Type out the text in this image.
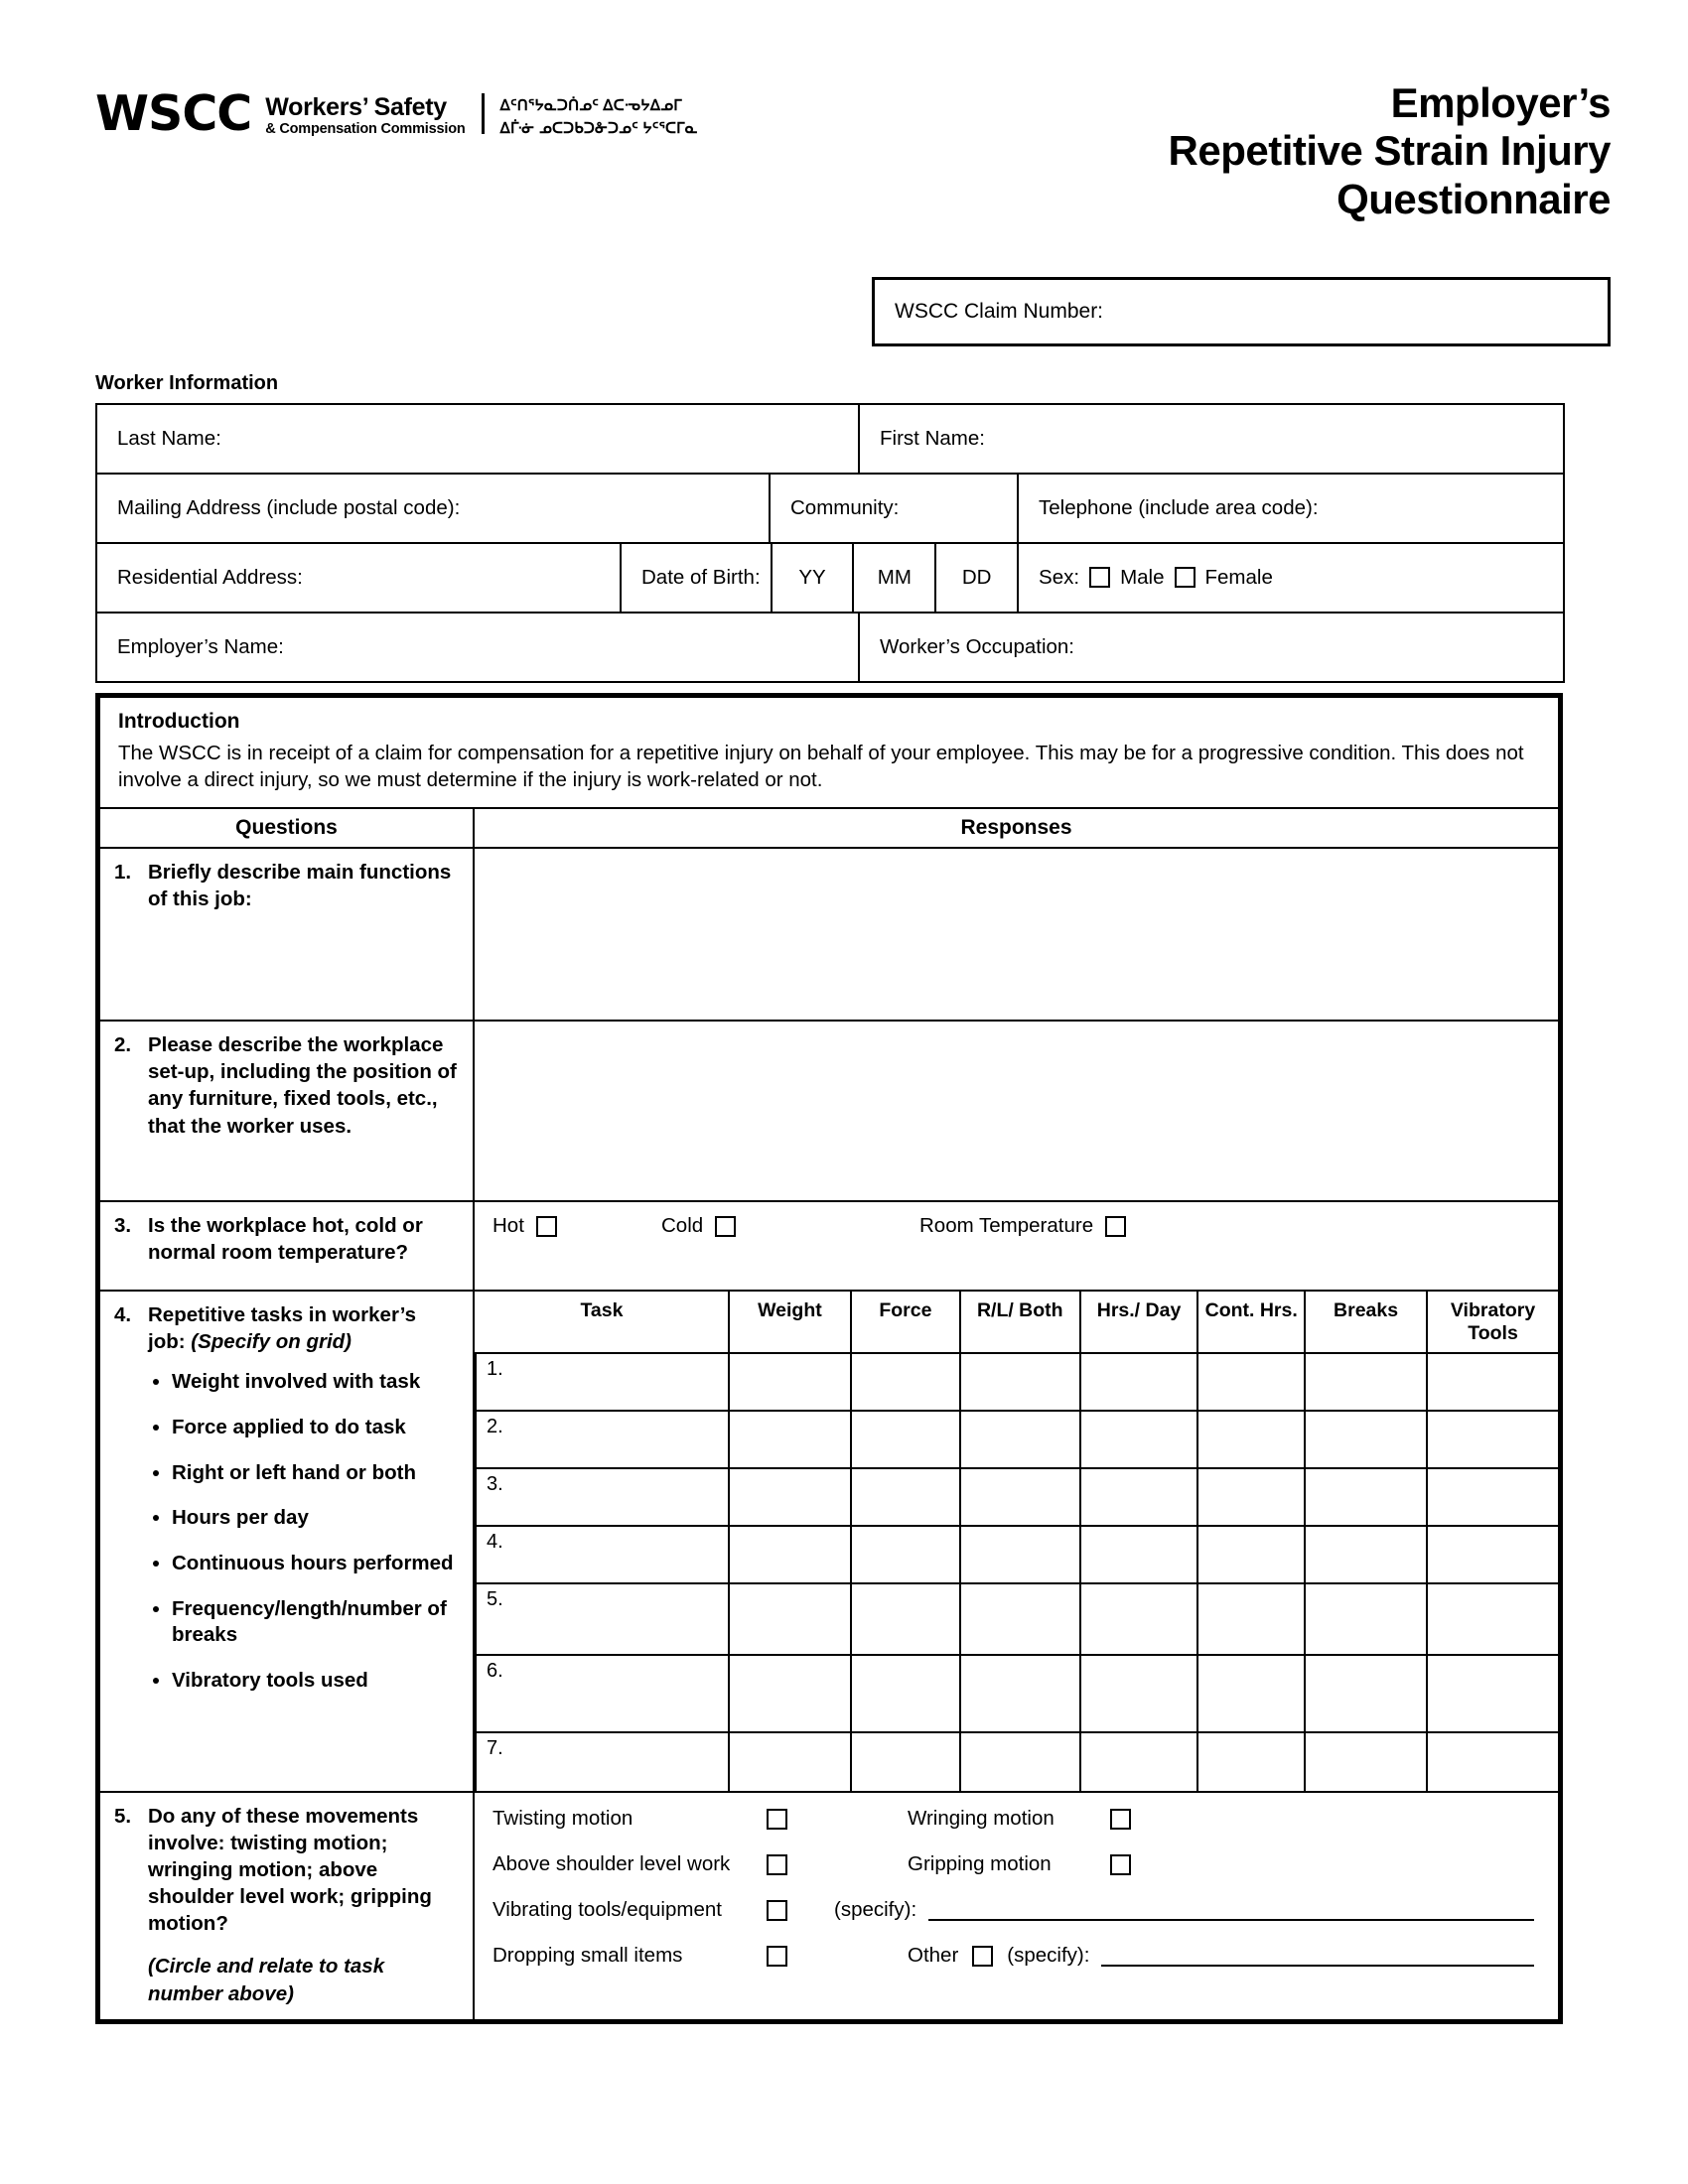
WSCC Workers’ Safety
& Compensation Commission
ᐃᑦᑎᕐᔭᓇᑐᑏᓄᑦ ᐃᑕᓉᔭᐃᓄᒥ
ᐃᒱᓃ ᓄᑕᑐᑲᑐᓁᑐᓄᑦ ᔭᑦᕐᑕᒥᓇ
Employer’s
Repetitive Strain Injury
Questionnaire
WSCC Claim Number:
Worker Information
Last Name:			First Name:	
Mailing Address (include postal code):		Community:		Telephone (include area code):
Residential Address:	Date of Birth:	YY	MM	DD	Sex: Male Female

Employer’s Name:			Worker’s Occupation:	
Introduction

The WSCC is in receipt of a claim for compensation for a repetitive injury on behalf of your employee. This may be for a progressive condition. This does not involve a direct injury, so we must determine if the injury is work-related or not.

Questions	Responses
1. Briefly describe main functions of this job:	
2. Please describe the workplace set-up, including the position of any furniture, fixed tools, etc., that the worker uses.	
3. Is the workplace hot, cold or normal room temperature?	
Hot	Cold	Room Temperature

4. Repetitive tasks in worker’s job: (Specify on grid)
• Weight involved with task
• Force applied to do task
• Right or left hand or both
• Hours per day
• Continuous hours performed
• Frequency/length/number of breaks
• Vibratory tools used

Task	Weight	Force	R/L/ Both	Hrs./ Day	Cont. Hrs.	Breaks	Vibratory Tools
1.							
2.							
3.							
4.							
5.							
6.							
7.							

5. Do any of these movements involve: twisting motion; wringing motion; above shoulder level work; gripping motion?
(Circle and relate to task number above)

Twisting motion	Wringing motion
Above shoulder level work	Gripping motion
Vibrating tools/equipment	(specify):
Dropping small items	Other (specify):
